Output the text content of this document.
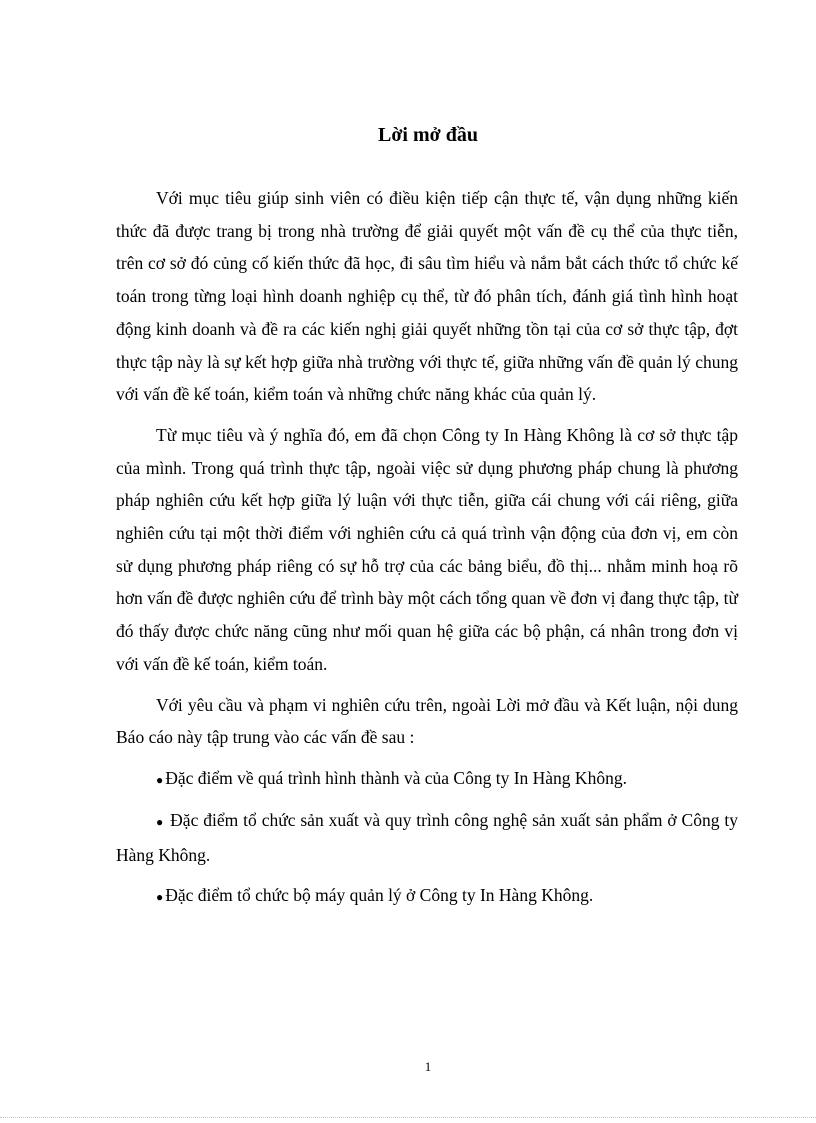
Lời mở đầu

Với mục tiêu giúp sinh viên có điều kiện tiếp cận thực tế, vận dụng những kiến thức đã được trang bị trong nhà trường để giải quyết một vấn đề cụ thể của thực tiễn, trên cơ sở đó củng cố kiến thức đã học, đi sâu tìm hiểu và nắm bắt cách thức tổ chức kế toán trong từng loại hình doanh nghiệp cụ thể, từ đó phân tích, đánh giá tình hình hoạt động kinh doanh và đề ra các kiến nghị giải quyết những tồn tại của cơ sở thực tập, đợt thực tập này là sự kết hợp giữa nhà trường với thực tế, giữa những vấn đề quản lý chung với vấn đề kế toán, kiểm toán và những chức năng khác của quản lý.

Từ mục tiêu và ý nghĩa đó, em đã chọn Công ty In Hàng Không là cơ sở thực tập của mình. Trong quá trình thực tập, ngoài việc sử dụng phương pháp chung là phương pháp nghiên cứu kết hợp giữa lý luận với thực tiễn, giữa cái chung với cái riêng, giữa nghiên cứu tại một thời điểm với nghiên cứu cả quá trình vận động của đơn vị, em còn sử dụng phương pháp riêng có sự hỗ trợ của các bảng biểu, đồ thị... nhằm minh hoạ rõ hơn vấn đề được nghiên cứu để trình bày một cách tổng quan về đơn vị đang thực tập, từ đó thấy được chức năng cũng như mối quan hệ giữa các bộ phận, cá nhân trong đơn vị với vấn đề kế toán, kiểm toán.

Với yêu cầu và phạm vi nghiên cứu trên, ngoài Lời mở đầu và Kết luận, nội dung Báo cáo này tập trung vào các vấn đề sau :

● Đặc điểm về quá trình hình thành và của Công ty In Hàng Không.

● Đặc điểm tổ chức sản xuất và quy trình công nghệ sản xuất sản phẩm ở Công ty Hàng Không.

● Đặc điểm tổ chức bộ máy quản lý ở Công ty In Hàng Không.

1
